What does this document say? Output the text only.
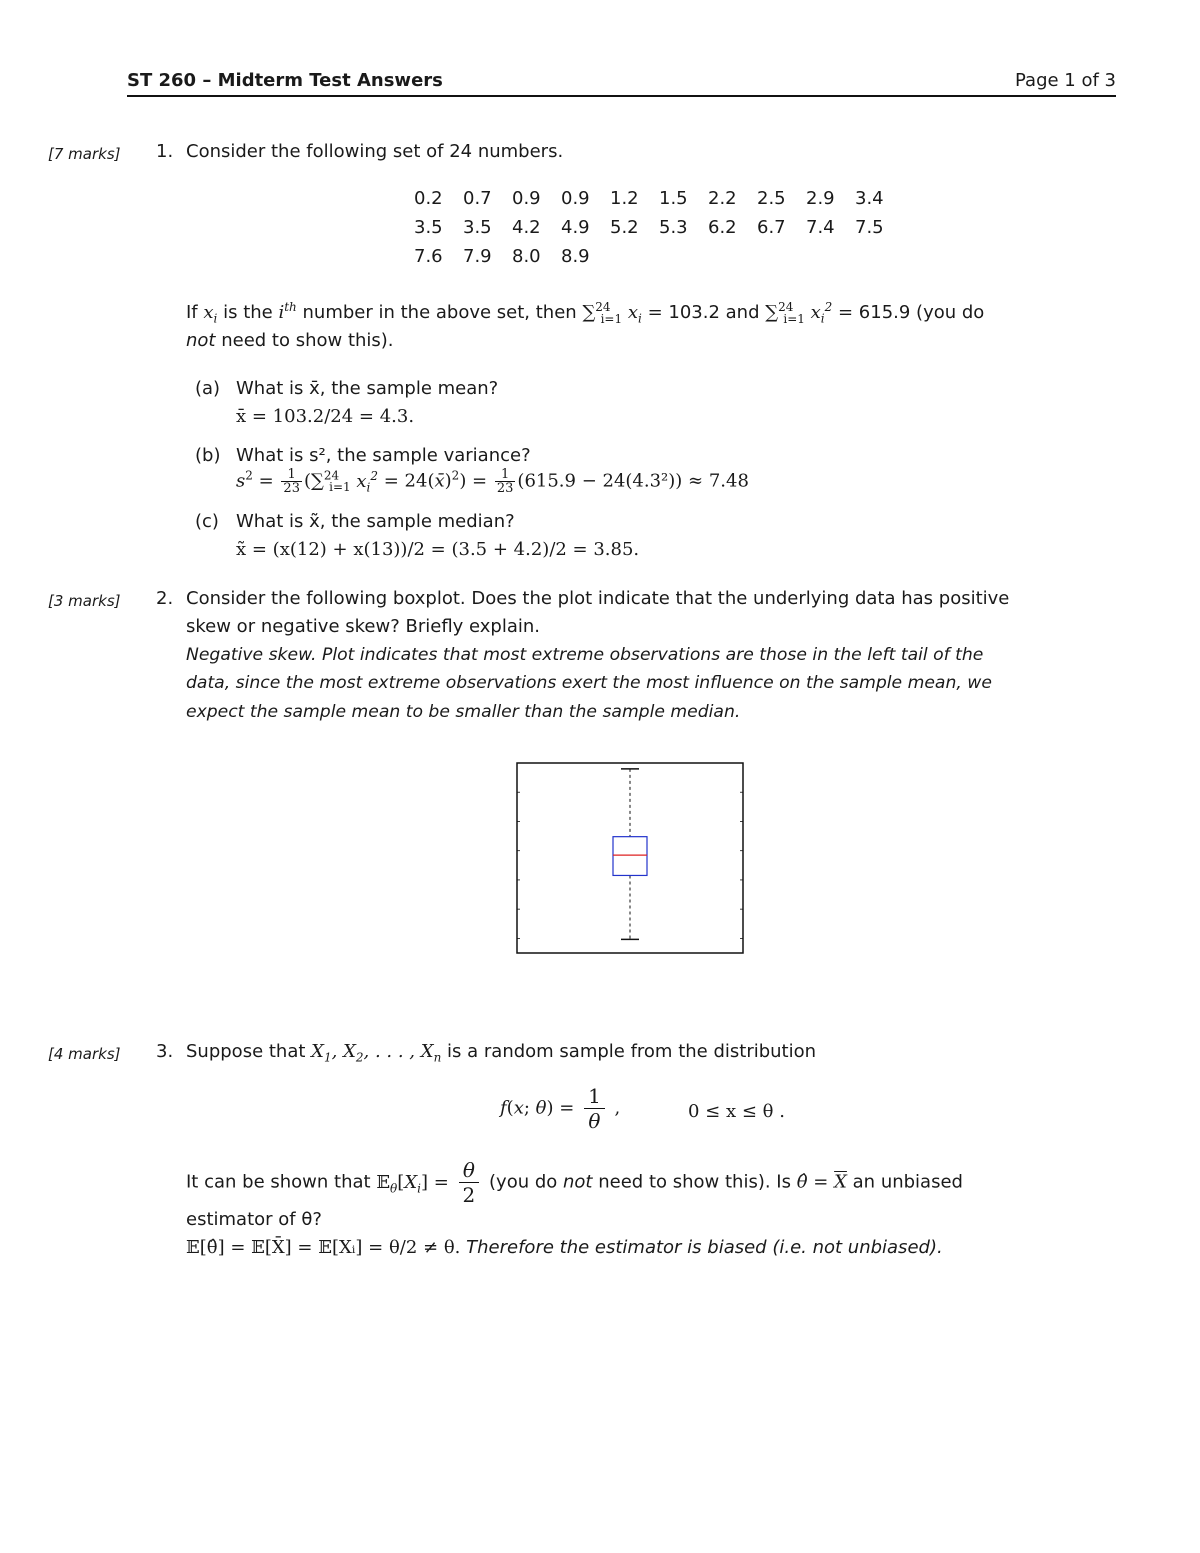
ST 260 – Midterm Test Answers	Page 1 of 3
[7 marks] 1. Consider the following set of 24 numbers.
0.2 0.7 0.9 0.9 1.2 1.5 2.2 2.5 2.9 3.4
3.5 3.5 4.2 4.9 5.2 5.3 6.2 6.7 7.4 7.5
7.6 7.9 8.0 8.9
If $x_i$ is the $i^{th}$ number in the above set, then ∑$^{24}_{i=1}$ $x_i = 103.2$ and ∑$^{24}_{i=1}$ $x_i^2 = 615.9$ (you do
not need to show this).
(a) What is x̄, the sample mean?
x̄ = 103.2/24 = 4.3.
(b) What is s², the sample variance?
$s^2 = \frac{1}{23} (\sum^{24}_{i=1}$ $x_i^2$ = 24(x̄)$^2$) = $\frac{1}{23} (615.9 - 24(4.3^2)) \approx 7.48$
(c) What is x̃, the sample median?
x̃ = (x(12) + x(13))/2 = (3.5 + 4.2)/2 = 3.85.
[3 marks] 2. Consider the following boxplot. Does the plot indicate that the underlying data has positive
skew or negative skew? Briefly explain.
Negative skew. Plot indicates that most extreme observations are those in the left tail of the
data, since the most extreme observations exert the most influence on the sample mean, we
expect the sample mean to be smaller than the sample median.
[4 marks] 3. Suppose that $X_1$, $X_2$, . . . , $X_n$ is a random sample from the distribution
f(x; $\theta) = \frac{1}{\theta}$ ,	0 ≤ x ≤ θ .
It can be shown that $𝔼_\theta[X_i] = \frac{\theta}{2} (you$ do not need to show this). Is θ̂ = $\overline{X}$ an unbiased
estimator of θ?
𝔼[θ̂] = 𝔼[X̄] = 𝔼[Xᵢ] = θ/2 ≠ θ. Therefore the estimator is biased (i.e. not unbiased).
